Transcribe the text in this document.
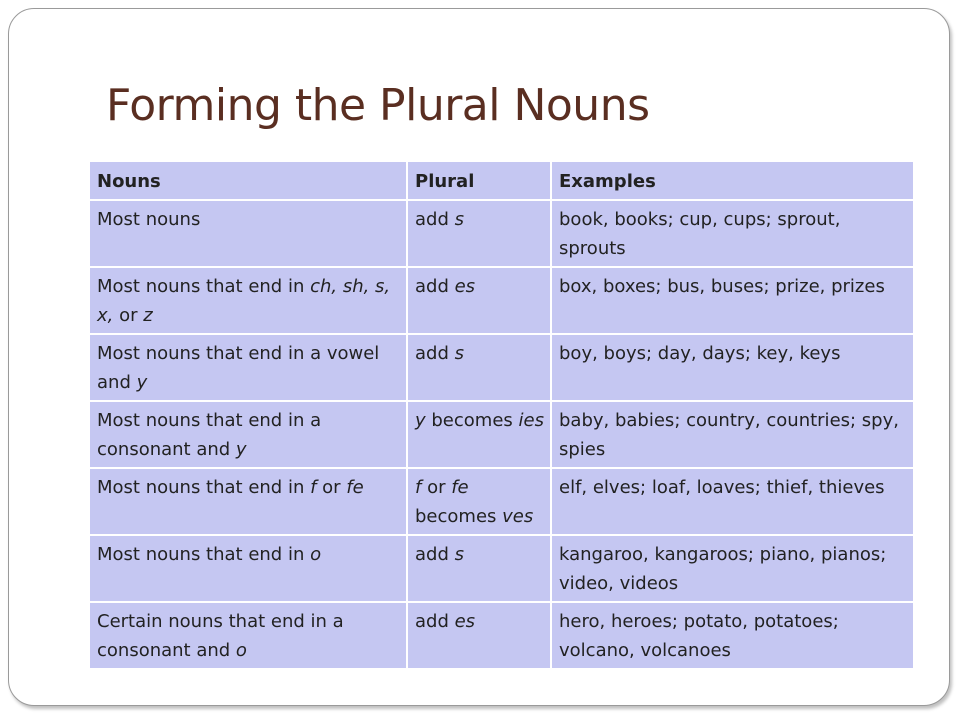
Forming the Plural Nouns
Nouns	Plural	Examples
Most nouns	add s	book, books; cup, cups; sprout, sprouts
Most nouns that end in ch, sh, s, x, or z	add es	box, boxes; bus, buses; prize, prizes
Most nouns that end in a vowel and y	add s	boy, boys; day, days; key, keys
Most nouns that end in a consonant and y	y becomes ies	baby, babies; country, countries; spy, spies
Most nouns that end in f or fe	f or fe becomes ves	elf, elves; loaf, loaves; thief, thieves
Most nouns that end in o	add s	kangaroo, kangaroos; piano, pianos; video, videos
Certain nouns that end in a consonant and o	add es	hero, heroes; potato, potatoes; volcano, volcanoes
